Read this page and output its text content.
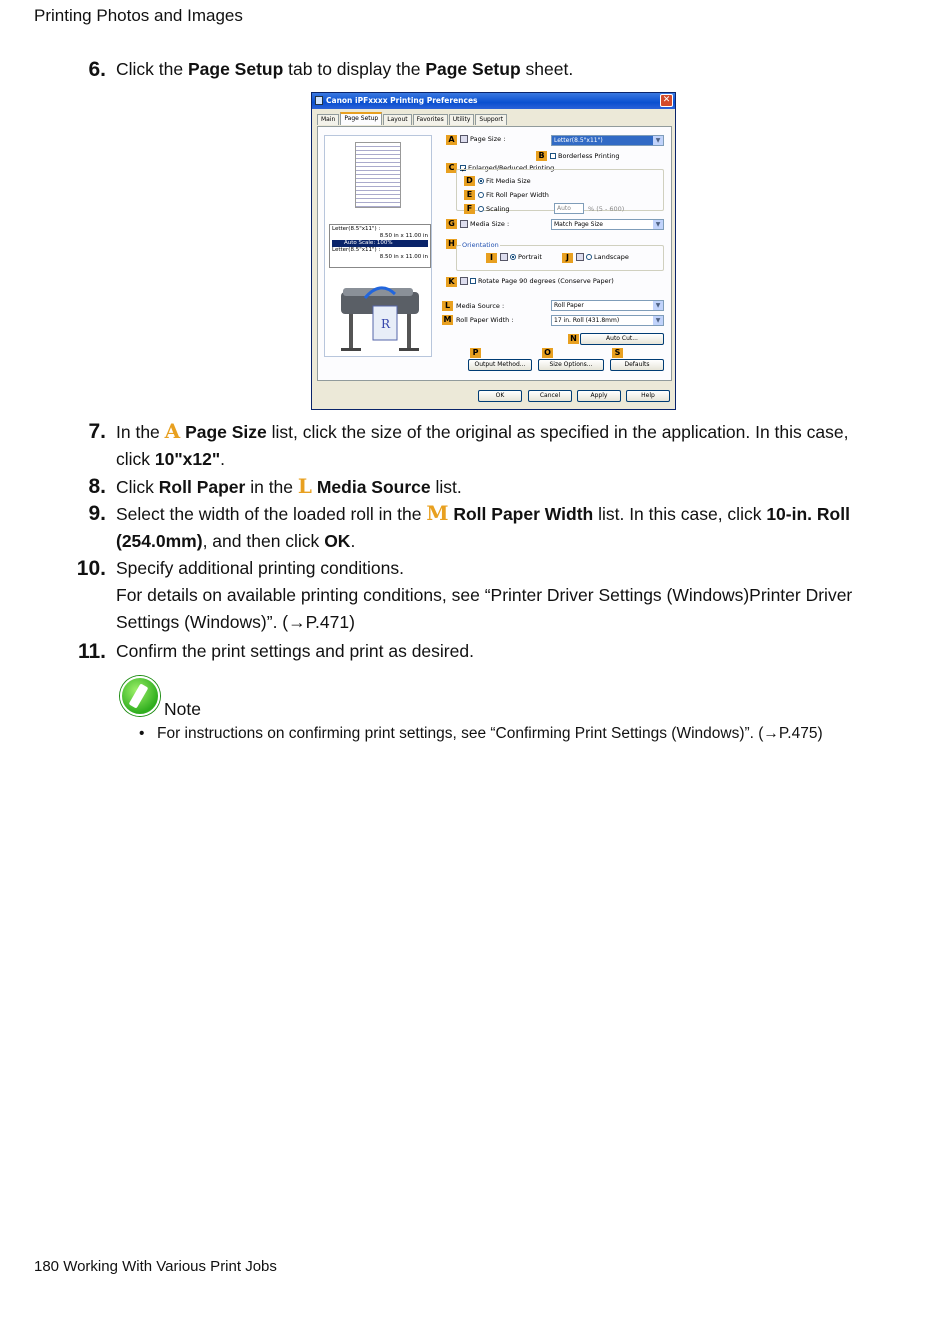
Printing Photos and Images
6. Click the Page Setup tab to display the Page Setup sheet.
Canon iPFxxxx Printing Preferences	✕
Main	Page Setup	Layout	Favorites	Utility	Support
Letter(8.5"x11") :
8.50 in x 11.00 in
Auto Scale: 100%
Letter(8.5"x11") :
8.50 in x 11.00 in
R
A	Page Size :	Letter(8.5"x11")	▼
B	Borderless Printing
C	✓ Enlarged/Reduced Printing
D	Fit Media Size
E	Fit Roll Paper Width
F	Scaling	Auto	% (5 - 600)
G	Media Size :	Match Page Size	▼
H	Orientation
I	Portrait	J	Landscape
K	Rotate Page 90 degrees (Conserve Paper)
L Media Source :	Roll Paper	▼
M Roll Paper Width :	17 in. Roll (431.8mm)	▼
N	Auto Cut...
P	O	S
Output Method...	Size Options...	Defaults
OK	Cancel	Apply	Help
7. In the A Page Size list, click the size of the original as specified in the application. In this case, click 10"x12".
8. Click Roll Paper in the L Media Source list.
9. Select the width of the loaded roll in the M Roll Paper Width list. In this case, click 10-in. Roll (254.0mm), and then click OK.
10. Specify additional printing conditions.
For details on available printing conditions, see “Printer Driver Settings (Windows)Printer Driver Settings (Windows)”. (→P.471)
11. Confirm the print settings and print as desired.
Note
• For instructions on confirming print settings, see “Confirming Print Settings (Windows)”. (→P.475)
180 Working With Various Print Jobs
